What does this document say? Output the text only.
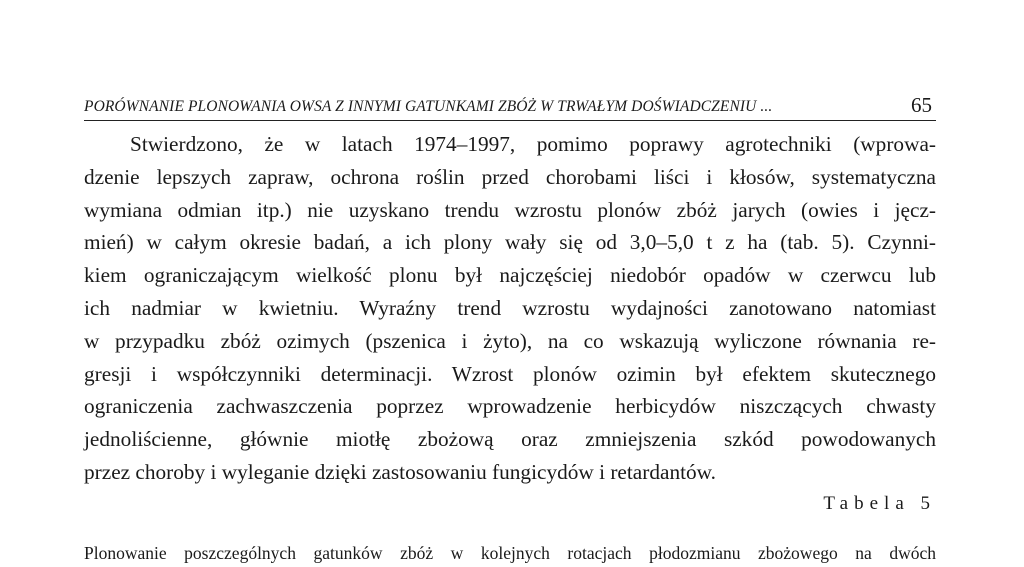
PORÓWNANIE PLONOWANIA OWSA Z INNYMI GATUNKAMI ZBÓŻ W TRWAŁYM DOŚWIADCZENIU ...	65
Stwierdzono, że w latach 1974–1997, pomimo poprawy agrotechniki (wprowa-
dzenie lepszych zapraw, ochrona roślin przed chorobami liści i kłosów, systematyczna
wymiana odmian itp.) nie uzyskano trendu wzrostu plonów zbóż jarych (owies i jęcz-
mień) w całym okresie badań, a ich plony wały się od 3,0–5,0 t z ha (tab. 5). Czynni-
kiem ograniczającym wielkość plonu był najczęściej niedobór opadów w czerwcu lub
ich nadmiar w kwietniu. Wyraźny trend wzrostu wydajności zanotowano natomiast
w przypadku zbóż ozimych (pszenica i żyto), na co wskazują wyliczone równania re-
gresji i współczynniki determinacji. Wzrost plonów ozimin był efektem skutecznego
ograniczenia zachwaszczenia poprzez wprowadzenie herbicydów niszczących chwasty
jednoliścienne, głównie miotłę zbożową oraz zmniejszenia szkód powodowanych
przez choroby i wyleganie dzięki zastosowaniu fungicydów i retardantów.
Tabela 5
Plonowanie poszczególnych gatunków zbóż w kolejnych rotacjach płodozmianu zbożowego na dwóch
